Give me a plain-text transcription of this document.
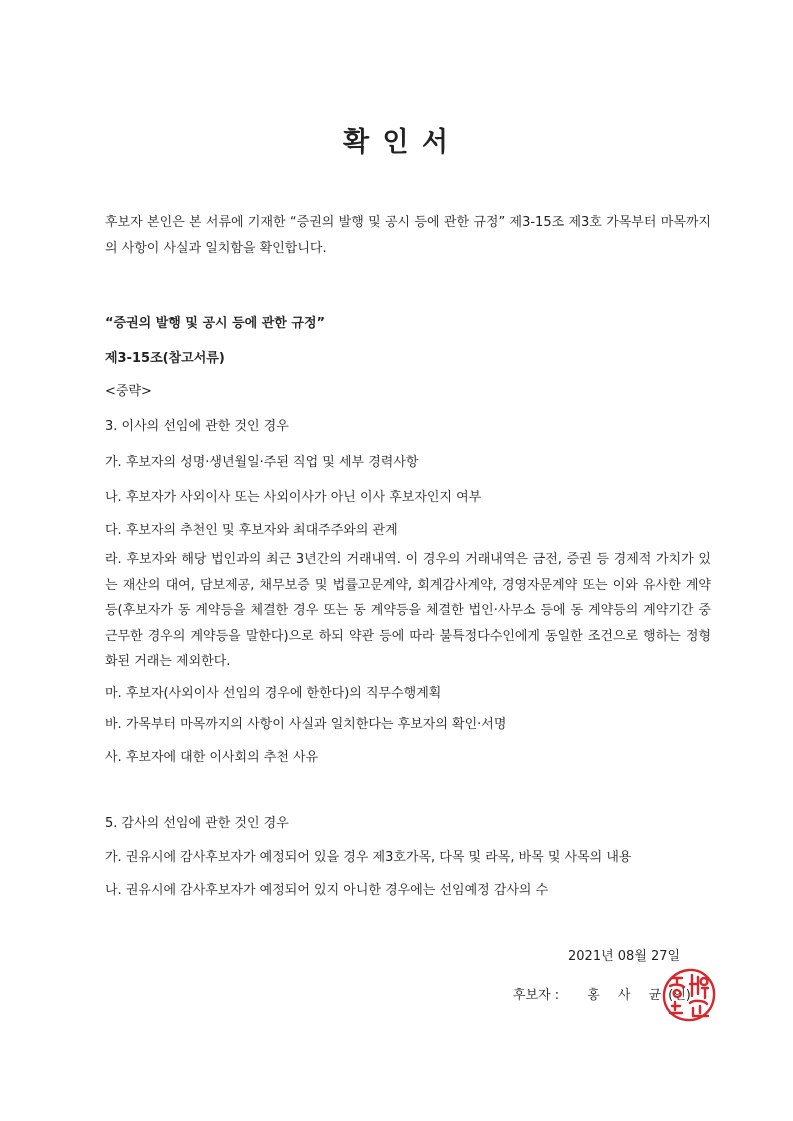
확 인 서

후보자 본인은 본 서류에 기재한 “증권의 발행 및 공시 등에 관한 규정” 제3-15조 제3호 가목부터 마목까지의 사항이 사실과 일치함을 확인합니다.

“증권의 발행 및 공시 등에 관한 규정”
제3-15조(참고서류)
<중략>
3. 이사의 선임에 관한 것인 경우
가. 후보자의 성명·생년월일·주된 직업 및 세부 경력사항
나. 후보자가 사외이사 또는 사외이사가 아닌 이사 후보자인지 여부
다. 후보자의 추천인 및 후보자와 최대주주와의 관계

라. 후보자와 해당 법인과의 최근 3년간의 거래내역. 이 경우의 거래내역은 금전, 증권 등 경제적 가치가 있는 재산의 대여, 담보제공, 채무보증 및 법률고문계약, 회계감사계약, 경영자문계약 또는 이와 유사한 계약등(후보자가 동 계약등을 체결한 경우 또는 동 계약등을 체결한 법인·사무소 등에 동 계약등의 계약기간 중 근무한 경우의 계약등을 말한다)으로 하되 약관 등에 따라 불특정다수인에게 동일한 조건으로 행하는 정형화된 거래는 제외한다.

마. 후보자(사외이사 선임의 경우에 한한다)의 직무수행계획
바. 가목부터 마목까지의 사항이 사실과 일치한다는 후보자의 확인·서명
사. 후보자에 대한 이사회의 추천 사유
5. 감사의 선임에 관한 것인 경우
가. 권유시에 감사후보자가 예정되어 있을 경우 제3호가목, 다목 및 라목, 바목 및 사목의 내용
나. 권유시에 감사후보자가 예정되어 있지 아니한 경우에는 선임예정 감사의 수
2021년 08월 27일
후보자 : 홍 사 균(인)
